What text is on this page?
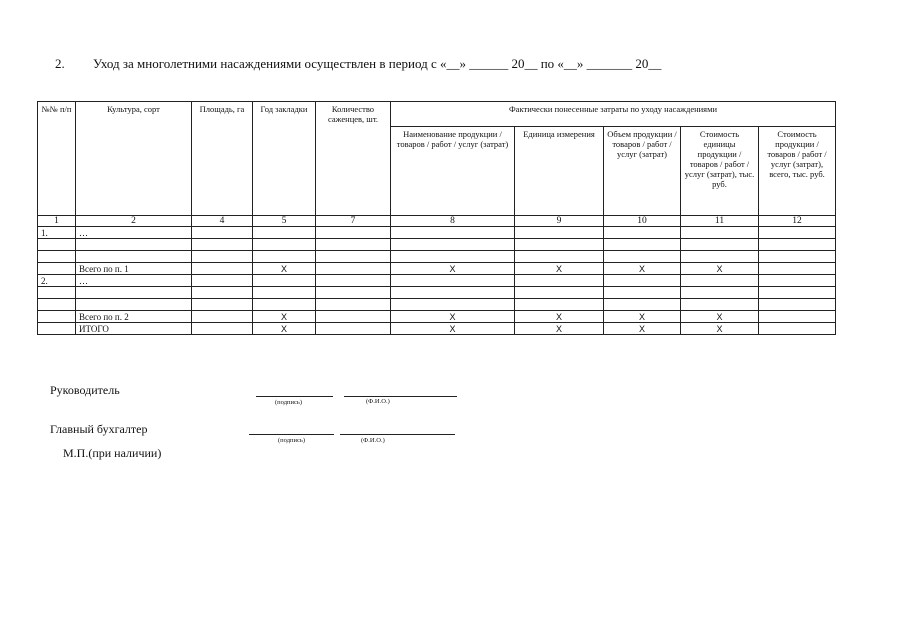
2. Уход за многолетними насаждениями осуществлен в период с «__» ______ 20__ по «__» _______ 20__
№№ п/п	Культура, сорт	Площадь, га	Год закладки	Количество саженцев, шт.	Фактически понесенные затраты по уходу насаждениями				
					Наименование продукции / товаров / работ / услуг (затрат)	Единица измерения	Объем продукции / товаров / работ / услуг (затрат)	Стоимость единицы продукции / товаров / работ / услуг (затрат), тыс. руб.	Стоимость продукции / товаров / работ / услуг (затрат), всего, тыс. руб.
1	2	4	5	7	8	9	10	11	12
1.	…								

	Всего по п. 1		Х		Х	Х	Х	Х	
2.	…								

	Всего по п. 2		Х		Х	Х	Х	Х	
	ИТОГО		Х		Х	Х	Х	Х	
Руководитель
(подпись)	(Ф.И.О.)
Главный бухгалтер
(подпись)	(Ф.И.О.)
М.П.(при наличии)
